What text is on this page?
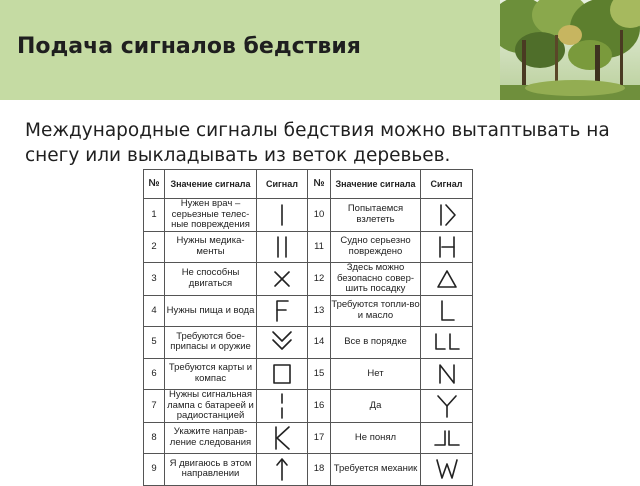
Подача сигналов бедствия
Международные сигналы бедствия можно вытаптывать на снегу или выкладывать из веток деревьев.
№	Значение сигнала	Сигнал	№	Значение сигнала	Сигнал
1	Нужен врач – серьезные телес-ные повреждения		10	Попытаемся взлететь	

2	Нужны медика-менты		11	Судно серьезно повреждено	

3	Не способны двигаться		12	Здесь можно безопасно совер-шить посадку	

4	Нужны пища и вода		13	Требуются топли-во и масло	

5	Требуются бое-припасы и оружие		14	Все в порядке	

6	Требуются карты и компас		15	Нет	

7	Нужны сигнальная лампа с батареей и радиостанцией		16	Да	

8	Укажите направ-ление следования		17	Не понял	

9	Я двигаюсь в этом направлении		18	Требуется механик	
